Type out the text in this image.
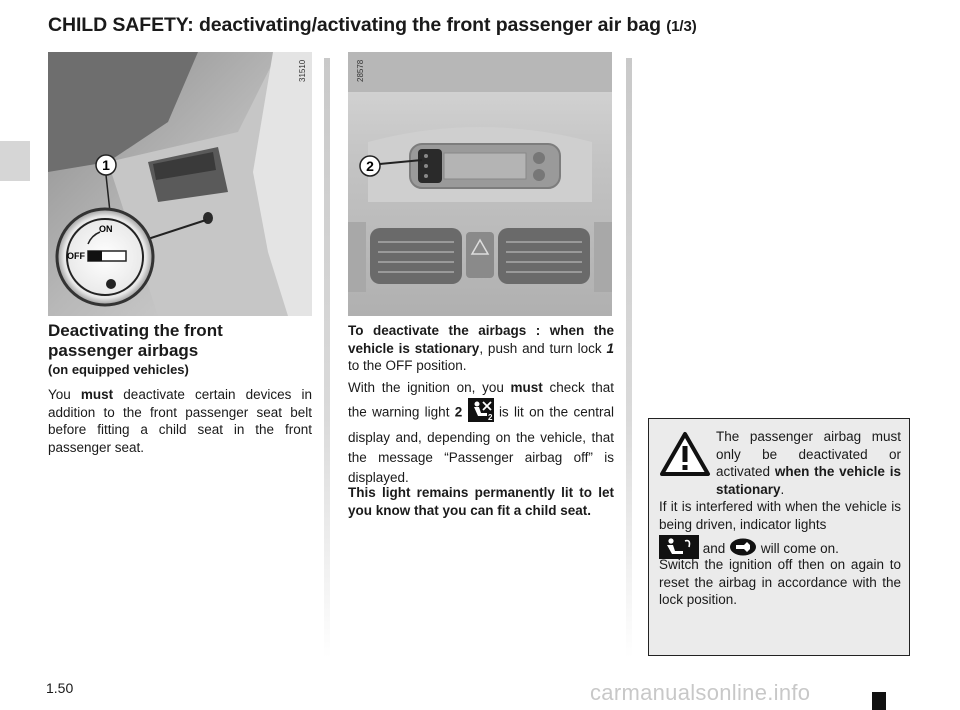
CHILD SAFETY: deactivating/activating the front passenger air bag (1/3)
1
ON
OFF
31510
2
28578
Deactivating the front
passenger airbags
(on equipped vehicles)
You must deactivate certain devices in addition to the front passenger seat belt before fitting a child seat in the front passenger seat.
To deactivate the airbags : when the vehicle is stationary, push and turn lock 1 to the OFF position.
With the ignition on, you must check that the warning light 2	2 is lit on the central display and, depending on the vehicle, that the message “Passenger airbag off” is displayed.
This light remains permanently lit to let you know that you can fit a child seat.
The passenger airbag must only be deactivated or activated when the vehicle is stationary.
If it is interfered with when the vehicle is being driven, indicator lights
and	will come on.
Switch the ignition off then on again to reset the airbag in accordance with the lock position.
1.50	carmanualsonline.info
